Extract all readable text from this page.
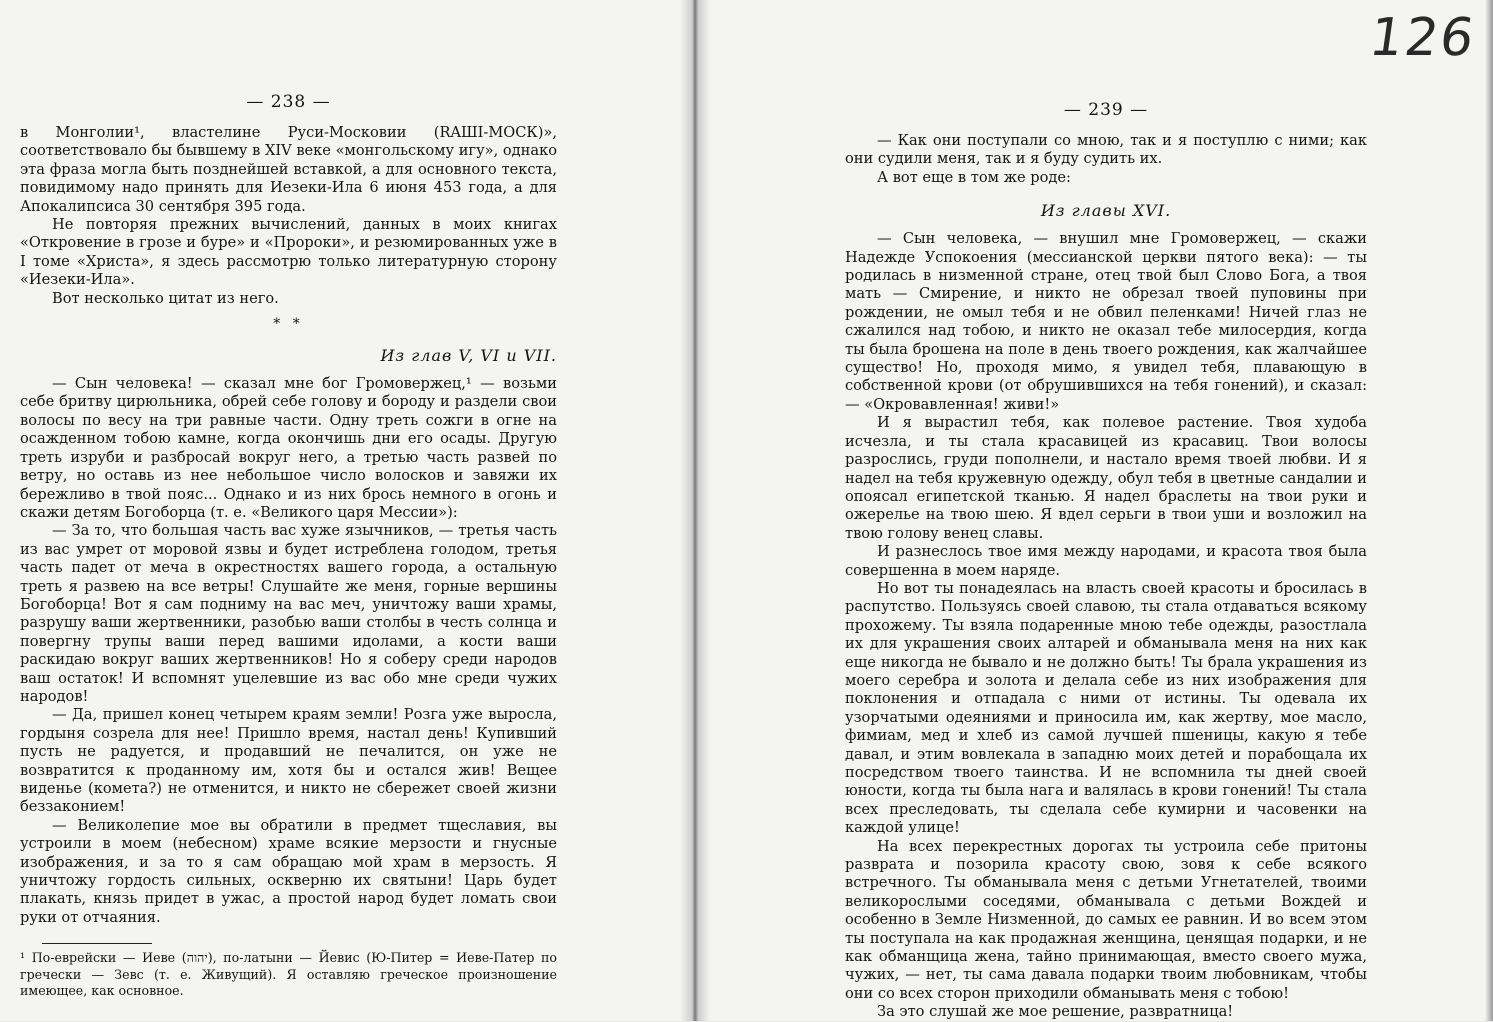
— 238 —

в Монголии¹, властелине Руси-Московии (RAШI-МОСК)», соответствовало бы бывшему в XIV веке «монгольскому игу», однако эта фраза могла быть позднейшей вставкой, а для основного текста, повидимому надо принять для Иезеки-Ила 6 июня 453 года, а для Апокалипсиса 30 сентября 395 года.

Не повторяя прежних вычислений, данных в моих книгах «Откровение в грозе и буре» и «Пророки», и резюмированных уже в I томе «Христа», я здесь рассмотрю только литературную сторону «Иезеки-Ила».

Вот несколько цитат из него.

* *
Из глав V, VI и VII.

— Сын человека! — сказал мне бог Громовержец,¹ — возьми себе бритву цирюльника, обрей себе голову и бороду и раздели свои волосы по весу на три равные части. Одну треть сожги в огне на осажденном тобою камне, когда окончишь дни его осады. Другую треть изруби и разбросай вокруг него, а третью часть развей по ветру, но оставь из нее небольшое число волосков и завяжи их бережливо в твой пояс... Однако и из них брось немного в огонь и скажи детям Богоборца (т. е. «Великого царя Мессии»):

— За то, что большая часть вас хуже язычников, — третья часть из вас умрет от моровой язвы и будет истреблена голодом, третья часть падет от меча в окрестностях вашего города, а остальную треть я развею на все ветры! Слушайте же меня, горные вершины Богоборца! Вот я сам подниму на вас меч, уничтожу ваши храмы, разрушу ваши жертвенники, разобью ваши столбы в честь солнца и повергну трупы ваши перед вашими идолами, а кости ваши раскидаю вокруг ваших жертвенников! Но я соберу среди народов ваш остаток! И вспомнят уцелевшие из вас обо мне среди чужих народов!

— Да, пришел конец четырем краям земли! Розга уже выросла, гордыня созрела для нее! Пришло время, настал день! Купивший пусть не радуется, и продавший не печалится, он уже не возвратится к проданному им, хотя бы и остался жив! Вещее виденье (комета?) не отменится, и никто не сбережет своей жизни беззаконием!

— Великолепие мое вы обратили в предмет тщеславия, вы устроили в моем (небесном) храме всякие мерзости и гнусные изображения, и за то я сам обращаю мой храм в мерзость. Я уничтожу гордость сильных, оскверню их святыни! Царь будет плакать, князь придет в ужас, а простой народ будет ломать свои руки от отчаяния.

¹ По-еврейски — Иеве (יהוה), по-латыни — Йевис (Ю-Питер = Иеве-Патер по гречески — Зевс (т. е. Живущий). Я оставляю греческое произношение имеющее, как основное.
— 239 —

— Как они поступали со мною, так и я поступлю с ними; как они судили меня, так и я буду судить их.

А вот еще в том же роде:

Из главы XVI.

— Сын человека, — внушил мне Громовержец, — скажи Надежде Успокоения (мессианской церкви пятого века): — ты родилась в низменной стране, отец твой был Слово Бога, а твоя мать — Смирение, и никто не обрезал твоей пуповины при рождении, не омыл тебя и не обвил пеленками! Ничей глаз не сжалился над тобою, и никто не оказал тебе милосердия, когда ты была брошена на поле в день твоего рождения, как жалчайшее существо! Но, проходя мимо, я увидел тебя, плавающую в собственной крови (от обрушившихся на тебя гонений), и сказал: — «Окровавленная! живи!»

И я вырастил тебя, как полевое растение. Твоя худоба исчезла, и ты стала красавицей из красавиц. Твои волосы разрослись, груди пополнели, и настало время твоей любви. И я надел на тебя кружевную одежду, обул тебя в цветные сандалии и опоясал египетской тканью. Я надел браслеты на твои руки и ожерелье на твою шею. Я вдел серьги в твои уши и возложил на твою голову венец славы.

И разнеслось твое имя между народами, и красота твоя была совершенна в моем наряде.

Но вот ты понадеялась на власть своей красоты и бросилась в распутство. Пользуясь своей славою, ты стала отдаваться всякому прохожему. Ты взяла подаренные мною тебе одежды, разостлала их для украшения своих алтарей и обманывала меня на них как еще никогда не бывало и не должно быть! Ты брала украшения из моего серебра и золота и делала себе из них изображения для поклонения и отпадала с ними от истины. Ты одевала их узорчатыми одеяниями и приносила им, как жертву, мое масло, фимиам, мед и хлеб из самой лучшей пшеницы, какую я тебе давал, и этим вовлекала в западню моих детей и порабощала их посредством твоего таинства. И не вспомнила ты дней своей юности, когда ты была нага и валялась в крови гонений! Ты стала всех преследовать, ты сделала себе кумирни и часовенки на каждой улице!

На всех перекрестных дорогах ты устроила себе притоны разврата и позорила красоту свою, зовя к себе всякого встречного. Ты обманывала меня с детьми Угнетателей, твоими великорослыми соседями, обманывала с детьми Вождей и особенно в Земле Низменной, до самых ее равнин. И во всем этом ты поступала на как продажная женщина, ценящая подарки, и не как обманщица жена, тайно принимающая, вместо своего мужа, чужих, — нет, ты сама давала подарки твоим любовникам, чтобы они со всех сторон приходили обманывать меня с тобою!

За это слушай же мое решение, развратница!

126
